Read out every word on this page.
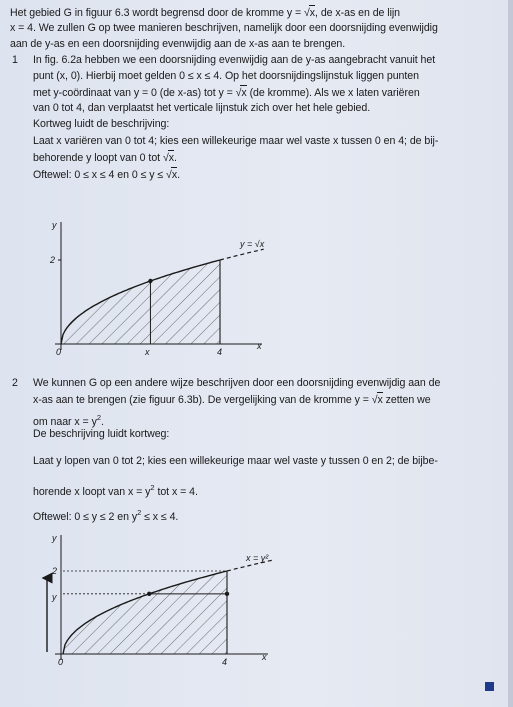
Het gebied G in figuur 6.3 wordt begrensd door de kromme y = √x, de x-as en de lijn
x = 4. We zullen G op twee manieren beschrijven, namelijk door een doorsnijding evenwijdig
aan de y-as en een doorsnijding evenwijdig aan de x-as aan te brengen.
1 In fig. 6.2a hebben we een doorsnijding evenwijdig aan de y-as aangebracht vanuit het
punt (x, 0). Hierbij moet gelden 0 ≤ x ≤ 4. Op het doorsnijdingslijnstuk liggen punten
met y-coördinaat van y = 0 (de x-as) tot y = √x (de kromme). Als we x laten variëren
van 0 tot 4, dan verplaatst het verticale lijnstuk zich over het hele gebied.
Kortweg luidt de beschrijving:
Laat x variëren van 0 tot 4; kies een willekeurige maar wel vaste x tussen 0 en 4; de bij-
behorende y loopt van 0 tot √x.
Oftewel: 0 ≤ x ≤ 4 en 0 ≤ y ≤ √x.
y
x
0
2
x	4
y = √x
2 We kunnen G op een andere wijze beschrijven door een doorsnijding evenwijdig aan de
x-as aan te brengen (zie figuur 6.3b). De vergelijking van de kromme y = √x zetten we
om naar $x = y^2$.
De beschrijving luidt kortweg:
Laat y lopen van 0 tot 2; kies een willekeurige maar wel vaste y tussen 0 en 2; de bijbe-
horende x loopt van $x = y^2$ tot x = 4.
Oftewel: 0 ≤ y ≤ 2 en $y^2 \le x \le 4$.
y
x
0
2
y
4
x = y²
